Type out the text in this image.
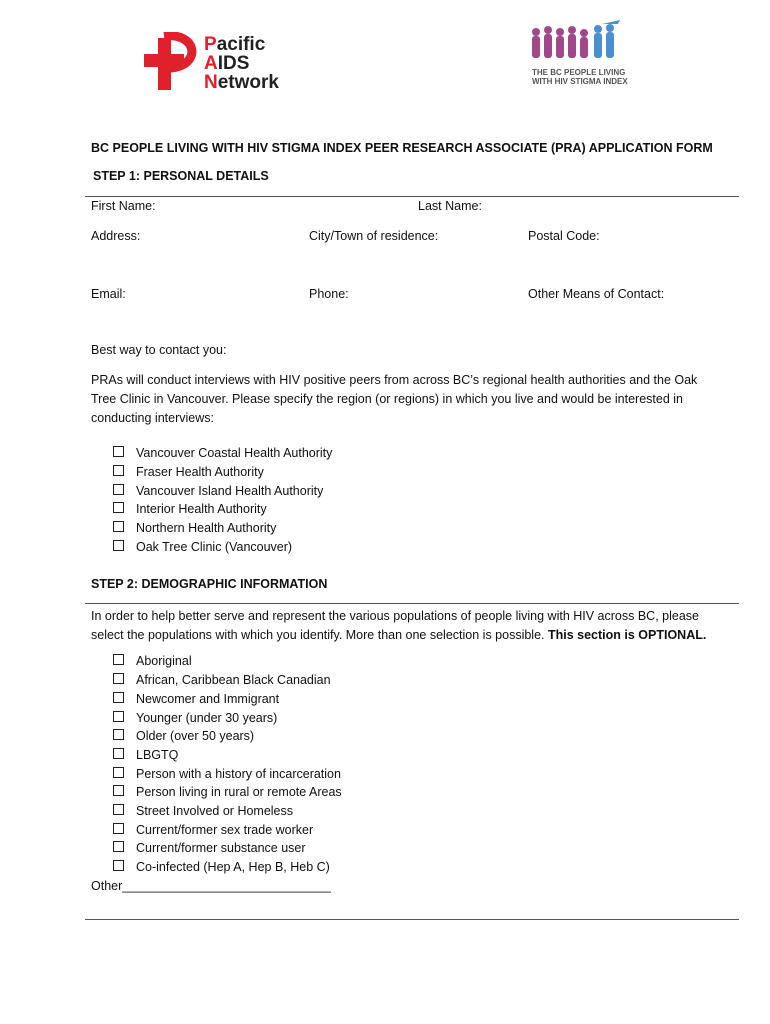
Pacific
AIDS
Network	THE BC PEOPLE LIVING
WITH HIV STIGMA INDEX
BC PEOPLE LIVING WITH HIV STIGMA INDEX PEER RESEARCH ASSOCIATE (PRA) APPLICATION FORM
STEP 1: PERSONAL DETAILS
First Name:	Last Name:
Address:	City/Town of residence:	Postal Code:
Email:	Phone:	Other Means of Contact:
Best way to contact you:
PRAs will conduct interviews with HIV positive peers from across BC’s regional health authorities and the Oak
Tree Clinic in Vancouver. Please specify the region (or regions) in which you live and would be interested in
conducting interviews:
Vancouver Coastal Health Authority
Fraser Health Authority
Vancouver Island Health Authority
Interior Health Authority
Northern Health Authority
Oak Tree Clinic (Vancouver)
STEP 2: DEMOGRAPHIC INFORMATION
In order to help better serve and represent the various populations of people living with HIV across BC, please
select the populations with which you identify. More than one selection is possible. This section is OPTIONAL.
Aboriginal
African, Caribbean Black Canadian
Newcomer and Immigrant
Younger (under 30 years)
Older (over 50 years)
LBGTQ
Person with a history of incarceration
Person living in rural or remote Areas
Street Involved or Homeless
Current/former sex trade worker
Current/former substance user
Co-infected (Hep A, Hep B, Heb C)
Other______________________________
